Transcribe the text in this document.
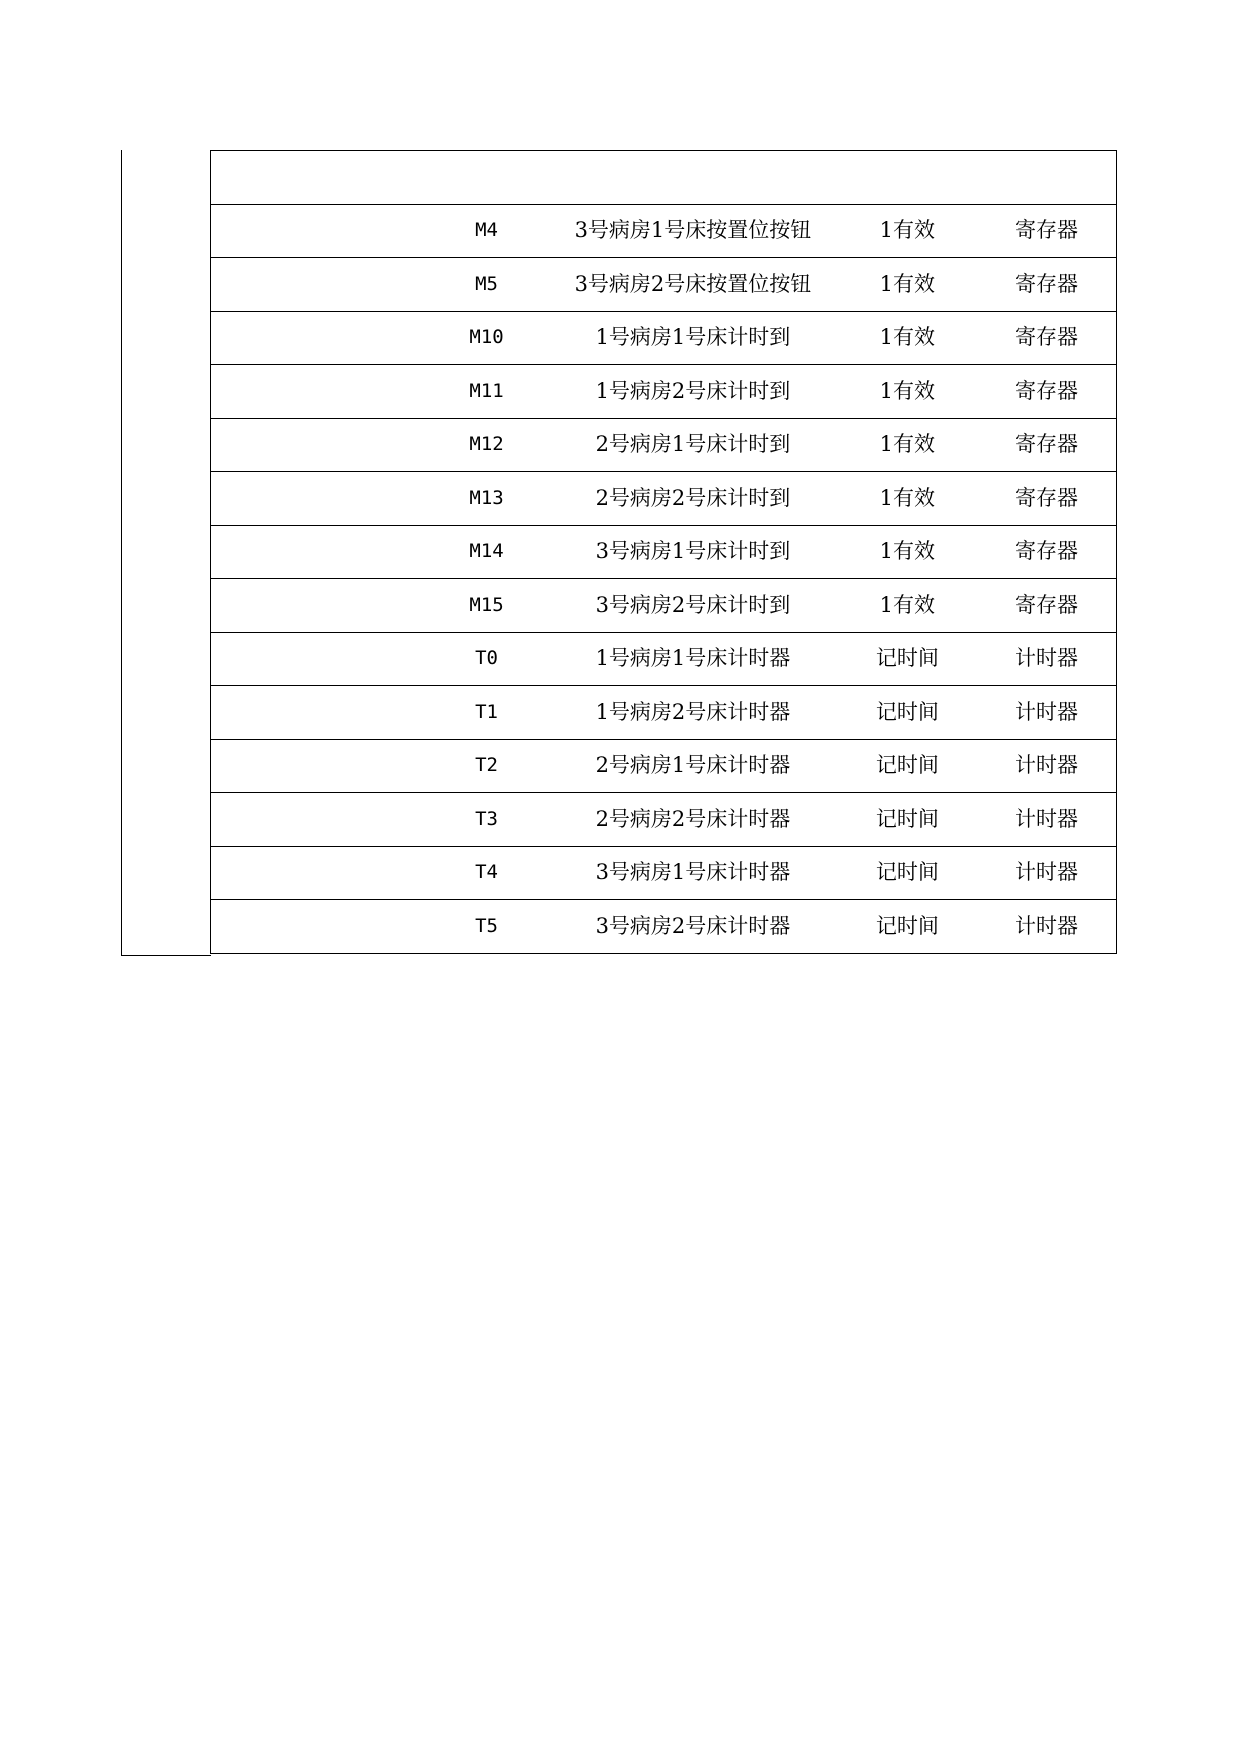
	M4	3号病房1号床按置位按钮	1有效	寄存器
	M5	3号病房2号床按置位按钮	1有效	寄存器
	M10	1号病房1号床计时到	1有效	寄存器
	M11	1号病房2号床计时到	1有效	寄存器
	M12	2号病房1号床计时到	1有效	寄存器
	M13	2号病房2号床计时到	1有效	寄存器
	M14	3号病房1号床计时到	1有效	寄存器
	M15	3号病房2号床计时到	1有效	寄存器
	T0	1号病房1号床计时器	记时间	计时器
	T1	1号病房2号床计时器	记时间	计时器
	T2	2号病房1号床计时器	记时间	计时器
	T3	2号病房2号床计时器	记时间	计时器
	T4	3号病房1号床计时器	记时间	计时器
	T5	3号病房2号床计时器	记时间	计时器
